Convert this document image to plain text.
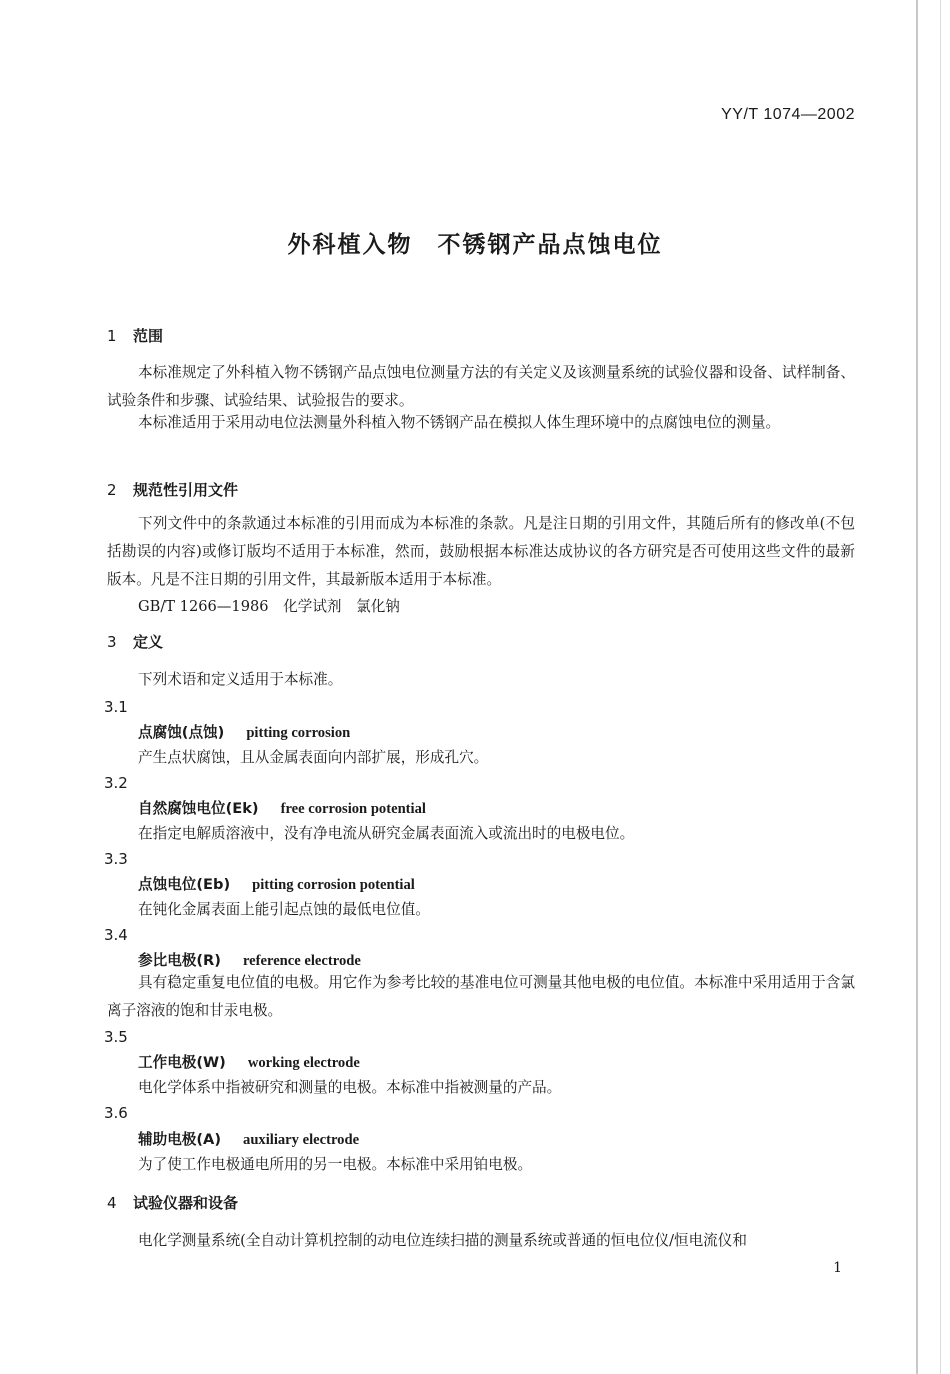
YY/T 1074—2002
外科植入物　不锈钢产品点蚀电位
1 范围
本标准规定了外科植入物不锈钢产品点蚀电位测量方法的有关定义及该测量系统的试验仪器和设备、试样制备、试验条件和步骤、试验结果、试验报告的要求。
本标准适用于采用动电位法测量外科植入物不锈钢产品在模拟人体生理环境中的点腐蚀电位的测量。
2 规范性引用文件
下列文件中的条款通过本标准的引用而成为本标准的条款。凡是注日期的引用文件，其随后所有的修改单(不包括勘误的内容)或修订版均不适用于本标准，然而，鼓励根据本标准达成协议的各方研究是否可使用这些文件的最新版本。凡是不注日期的引用文件，其最新版本适用于本标准。
GB/T 1266—1986　化学试剂　氯化钠
3 定义
下列术语和定义适用于本标准。
3.1
点腐蚀(点蚀) pitting corrosion
产生点状腐蚀，且从金属表面向内部扩展，形成孔穴。
3.2
自然腐蚀电位(Ek) free corrosion potential
在指定电解质溶液中，没有净电流从研究金属表面流入或流出时的电极电位。
3.3
点蚀电位(Eb) pitting corrosion potential
在钝化金属表面上能引起点蚀的最低电位值。
3.4
参比电极(R) reference electrode
具有稳定重复电位值的电极。用它作为参考比较的基准电位可测量其他电极的电位值。本标准中采用适用于含氯离子溶液的饱和甘汞电极。
3.5
工作电极(W) working electrode
电化学体系中指被研究和测量的电极。本标准中指被测量的产品。
3.6
辅助电极(A) auxiliary electrode
为了使工作电极通电所用的另一电极。本标准中采用铂电极。
4 试验仪器和设备
电化学测量系统(全自动计算机控制的动电位连续扫描的测量系统或普通的恒电位仪/恒电流仪和
1
